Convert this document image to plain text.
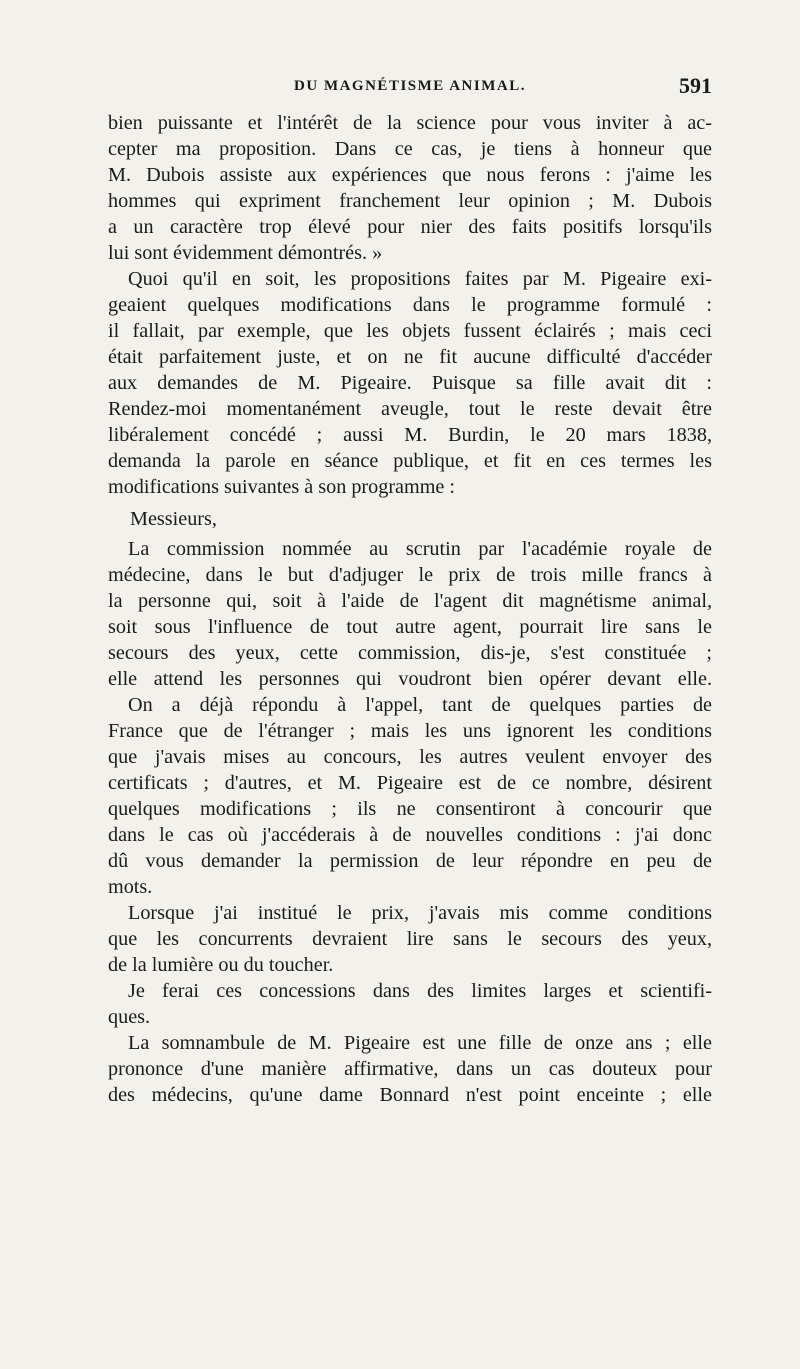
DU MAGNÉTISME ANIMAL.	591
bien puissante et l'intérêt de la science pour vous inviter à ac-
cepter ma proposition. Dans ce cas, je tiens à honneur que
M. Dubois assiste aux expériences que nous ferons : j'aime les
hommes qui expriment franchement leur opinion ; M. Dubois
a un caractère trop élevé pour nier des faits positifs lorsqu'ils
lui sont évidemment démontrés. »
Quoi qu'il en soit, les propositions faites par M. Pigeaire exi-
geaient quelques modifications dans le programme formulé :
il fallait, par exemple, que les objets fussent éclairés ; mais ceci
était parfaitement juste, et on ne fit aucune difficulté d'accéder
aux demandes de M. Pigeaire. Puisque sa fille avait dit :
Rendez-moi momentanément aveugle, tout le reste devait être
libéralement concédé ; aussi M. Burdin, le 20 mars 1838,
demanda la parole en séance publique, et fit en ces termes les
modifications suivantes à son programme :
Messieurs,
La commission nommée au scrutin par l'académie royale de
médecine, dans le but d'adjuger le prix de trois mille francs à
la personne qui, soit à l'aide de l'agent dit magnétisme animal,
soit sous l'influence de tout autre agent, pourrait lire sans le
secours des yeux, cette commission, dis-je, s'est constituée ;
elle attend les personnes qui voudront bien opérer devant elle.
On a déjà répondu à l'appel, tant de quelques parties de
France que de l'étranger ; mais les uns ignorent les conditions
que j'avais mises au concours, les autres veulent envoyer des
certificats ; d'autres, et M. Pigeaire est de ce nombre, désirent
quelques modifications ; ils ne consentiront à concourir que
dans le cas où j'accéderais à de nouvelles conditions : j'ai donc
dû vous demander la permission de leur répondre en peu de
mots.
Lorsque j'ai institué le prix, j'avais mis comme conditions
que les concurrents devraient lire sans le secours des yeux,
de la lumière ou du toucher.
Je ferai ces concessions dans des limites larges et scientifi-
ques.
La somnambule de M. Pigeaire est une fille de onze ans ; elle
prononce d'une manière affirmative, dans un cas douteux pour
des médecins, qu'une dame Bonnard n'est point enceinte ; elle
